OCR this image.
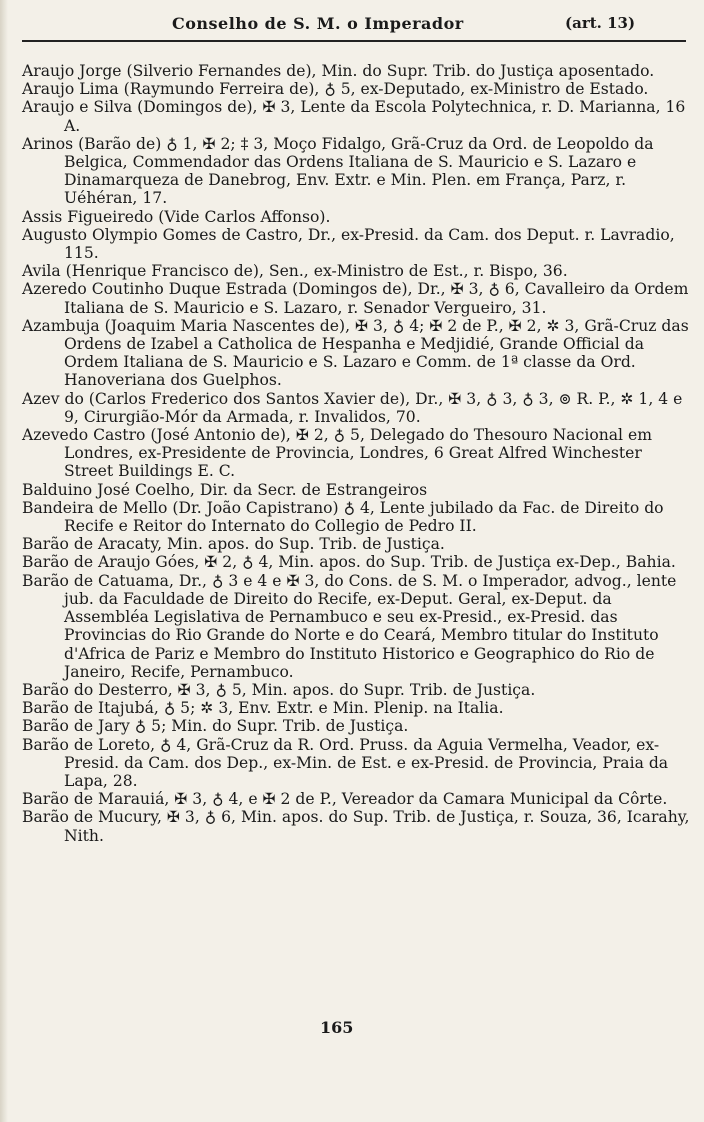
Conselho de S. M. o Imperador	(art. 13)

Araujo Jorge (Silverio Fernandes de), Min. do Supr. Trib. do Justiça aposentado.

Araujo Lima (Raymundo Ferreira de), ♁ 5, ex-Deputado, ex-Ministro de Estado.

Araujo e Silva (Domingos de), ✠ 3, Lente da Escola Polytechnica, r. D. Marianna, 16 A.

Arinos (Barão de) ♁ 1, ✠ 2; ‡ 3, Moço Fidalgo, Grã-Cruz da Ord. de Leopoldo da Belgica, Commendador das Ordens Italiana de S. Mauricio e S. Lazaro e Dinamarqueza de Danebrog, Env. Extr. e Min. Plen. em França, Parz, r. Uéhéran, 17.

Assis Figueiredo (Vide Carlos Affonso).

Augusto Olympio Gomes de Castro, Dr., ex-Presid. da Cam. dos Deput. r. Lavradio, 115.

Avila (Henrique Francisco de), Sen., ex-Ministro de Est., r. Bispo, 36.

Azeredo Coutinho Duque Estrada (Domingos de), Dr., ✠ 3, ♁ 6, Cavalleiro da Ordem Italiana de S. Mauricio e S. Lazaro, r. Senador Vergueiro, 31.

Azambuja (Joaquim Maria Nascentes de), ✠ 3, ♁ 4; ✠ 2 de P., ✠ 2, ✲ 3, Grã-Cruz das Ordens de Izabel a Catholica de Hespanha e Medjidié, Grande Official da Ordem Italiana de S. Mauricio e S. Lazaro e Comm. de 1ª classe da Ord. Hanoveriana dos Guelphos.

Azev do (Carlos Frederico dos Santos Xavier de), Dr., ✠ 3, ♁ 3, ♁ 3, ⊚ R. P., ✲ 1, 4 e 9, Cirurgião-Mór da Armada, r. Invalidos, 70.

Azevedo Castro (José Antonio de), ✠ 2, ♁ 5, Delegado do Thesouro Nacional em Londres, ex-Presidente de Provincia, Londres, 6 Great Alfred Winchester Street Buildings E. C.

Balduino José Coelho, Dir. da Secr. de Estrangeiros

Bandeira de Mello (Dr. João Capistrano) ♁ 4, Lente jubilado da Fac. de Direito do Recife e Reitor do Internato do Collegio de Pedro II.

Barão de Aracaty, Min. apos. do Sup. Trib. de Justiça.

Barão de Araujo Góes, ✠ 2, ♁ 4, Min. apos. do Sup. Trib. de Justiça ex-Dep., Bahia.

Barão de Catuama, Dr., ♁ 3 e 4 e ✠ 3, do Cons. de S. M. o Imperador, advog., lente jub. da Faculdade de Direito do Recife, ex-Deput. Geral, ex-Deput. da Assembléa Legislativa de Pernambuco e seu ex-Presid., ex-Presid. das Provincias do Rio Grande do Norte e do Ceará, Membro titular do Instituto d'Africa de Pariz e Membro do Instituto Historico e Geographico do Rio de Janeiro, Recife, Pernambuco.

Barão do Desterro, ✠ 3, ♁ 5, Min. apos. do Supr. Trib. de Justiça.

Barão de Itajubá, ♁ 5; ✲ 3, Env. Extr. e Min. Plenip. na Italia.

Barão de Jary ♁ 5; Min. do Supr. Trib. de Justiça.

Barão de Loreto, ♁ 4, Grã-Cruz da R. Ord. Pruss. da Aguia Vermelha, Veador, ex-Presid. da Cam. dos Dep., ex-Min. de Est. e ex-Presid. de Provincia, Praia da Lapa, 28.

Barão de Marauiá, ✠ 3, ♁ 4, e ✠ 2 de P., Vereador da Camara Municipal da Côrte.

Barão de Mucury, ✠ 3, ♁ 6, Min. apos. do Sup. Trib. de Justiça, r. Souza, 36, Icarahy, Nith.

165
